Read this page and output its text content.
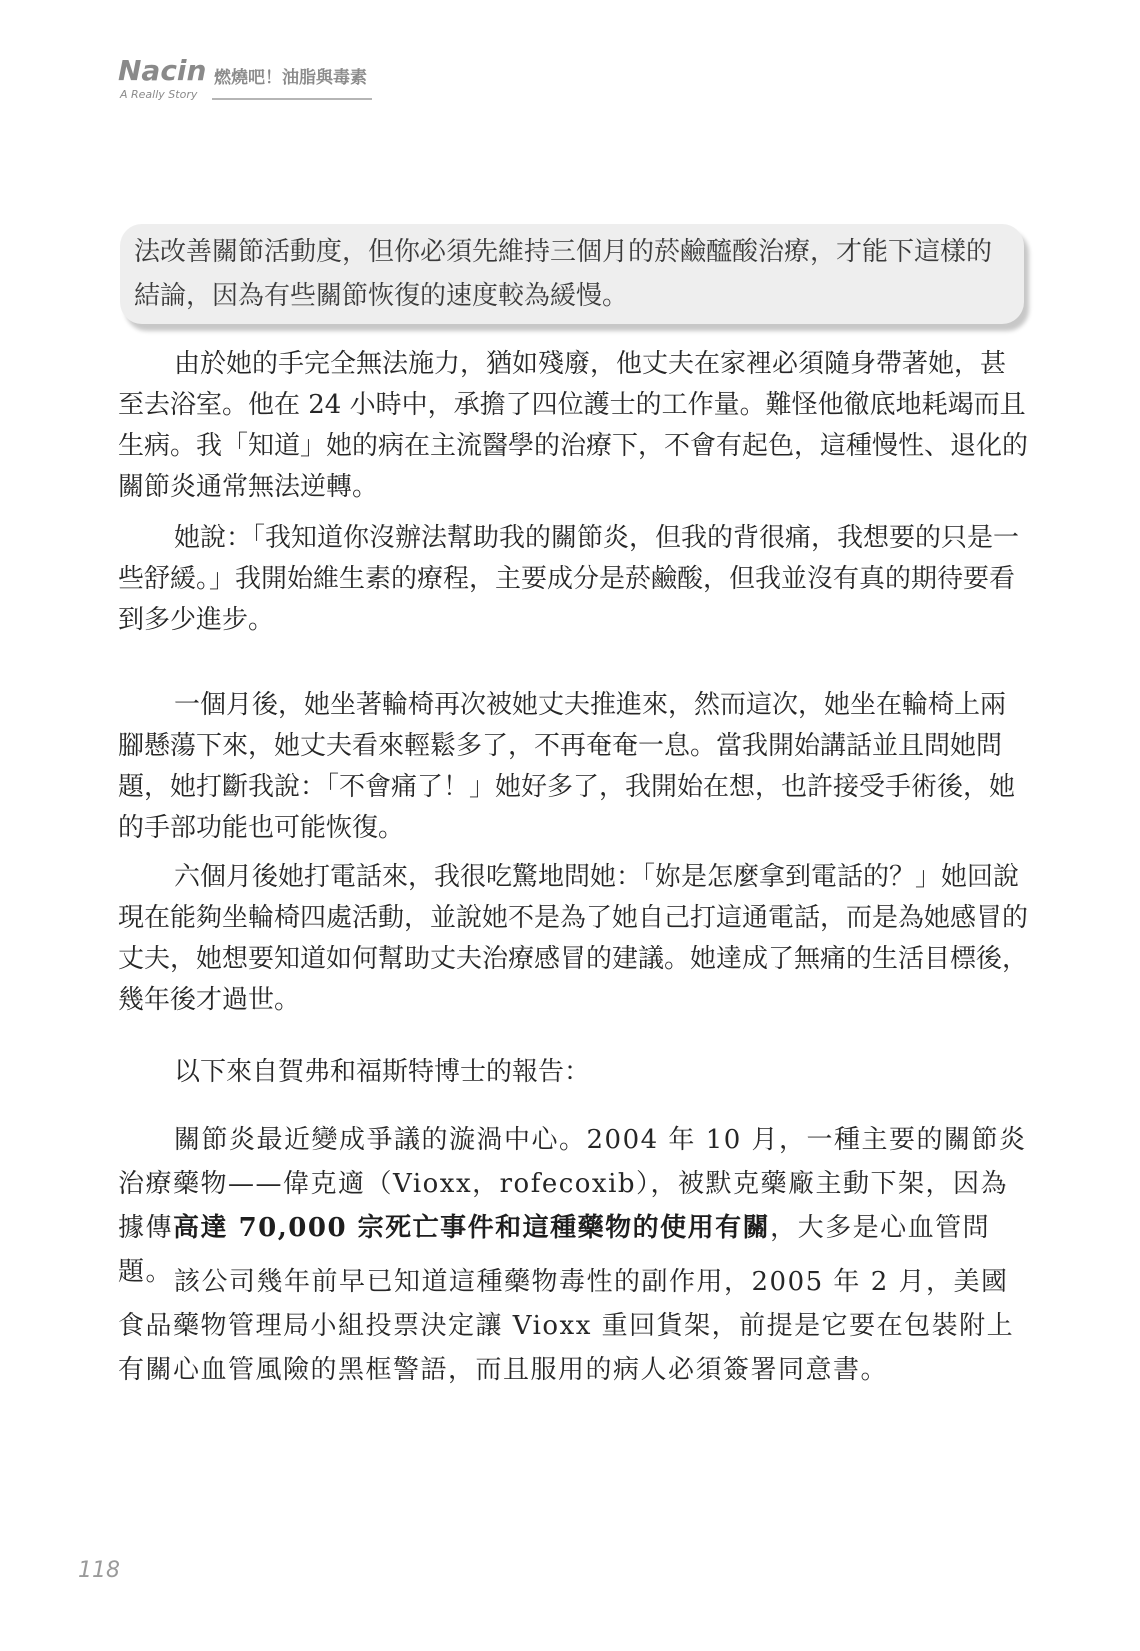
Nacin
A Really Story
燃燒吧！油脂與毒素
法改善關節活動度，但你必須先維持三個月的菸鹼醯酸治療，才能下這樣的結論，因為有些關節恢復的速度較為緩慢。

由於她的手完全無法施力，猶如殘廢，他丈夫在家裡必須隨身帶著她，甚至去浴室。他在 24 小時中，承擔了四位護士的工作量。難怪他徹底地耗竭而且生病。我「知道」她的病在主流醫學的治療下，不會有起色，這種慢性、退化的關節炎通常無法逆轉。

她說：「我知道你沒辦法幫助我的關節炎，但我的背很痛，我想要的只是一些舒緩。」我開始維生素的療程，主要成分是菸鹼酸，但我並沒有真的期待要看到多少進步。

一個月後，她坐著輪椅再次被她丈夫推進來，然而這次，她坐在輪椅上兩腳懸蕩下來，她丈夫看來輕鬆多了，不再奄奄一息。當我開始講話並且問她問題，她打斷我說：「不會痛了！」她好多了，我開始在想，也許接受手術後，她的手部功能也可能恢復。

六個月後她打電話來，我很吃驚地問她：「妳是怎麼拿到電話的？」她回說現在能夠坐輪椅四處活動，並說她不是為了她自己打這通電話，而是為她感冒的丈夫，她想要知道如何幫助丈夫治療感冒的建議。她達成了無痛的生活目標後，幾年後才過世。

以下來自賀弗和福斯特博士的報告：

關節炎最近變成爭議的漩渦中心。2004 年 10 月，一種主要的關節炎治療藥物——偉克適（Vioxx，rofecoxib），被默克藥廠主動下架，因為據傳高達 70,000 宗死亡事件和這種藥物的使用有關，大多是心血管問題。 該公司幾年前早已知道這種藥物毒性的副作用，2005 年 2 月，美國食品藥物管理局小組投票決定讓 Vioxx 重回貨架，前提是它要在包裝附上有關心血管風險的黑框警語，而且服用的病人必須簽署同意書。

118
